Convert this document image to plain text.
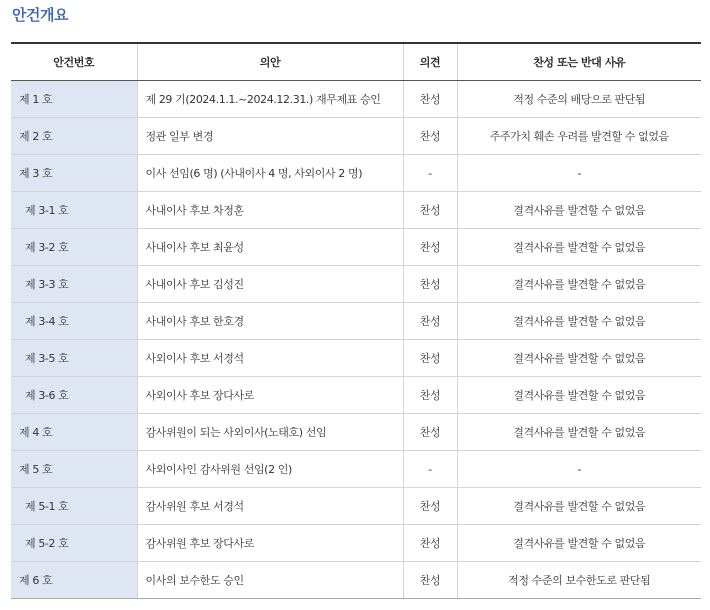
안건개요
안건번호	의안	의견	찬성 또는 반대 사유
제 1 호	제 29 기(2024.1.1.~2024.12.31.) 재무제표 승인	찬성	적정 수준의 배당으로 판단됨
제 2 호	정관 일부 변경	찬성	주주가치 훼손 우려를 발견할 수 없었음
제 3 호	이사 선임(6 명) (사내이사 4 명, 사외이사 2 명)	-	-
제 3-1 호	사내이사 후보 차정훈	찬성	결격사유를 발견할 수 없었음
제 3-2 호	사내이사 후보 최윤성	찬성	결격사유를 발견할 수 없었음
제 3-3 호	사내이사 후보 김성진	찬성	결격사유를 발견할 수 없었음
제 3-4 호	사내이사 후보 한호경	찬성	결격사유를 발견할 수 없었음
제 3-5 호	사외이사 후보 서경석	찬성	결격사유를 발견할 수 없었음
제 3-6 호	사외이사 후보 장다사로	찬성	결격사유를 발견할 수 없었음
제 4 호	감사위원이 되는 사외이사(노태호) 선임	찬성	결격사유를 발견할 수 없었음
제 5 호	사외이사인 감사위원 선임(2 인)	-	-
제 5-1 호	감사위원 후보 서경석	찬성	결격사유를 발견할 수 없었음
제 5-2 호	감사위원 후보 장다사로	찬성	결격사유를 발견할 수 없었음
제 6 호	이사의 보수한도 승인	찬성	적정 수준의 보수한도로 판단됨
